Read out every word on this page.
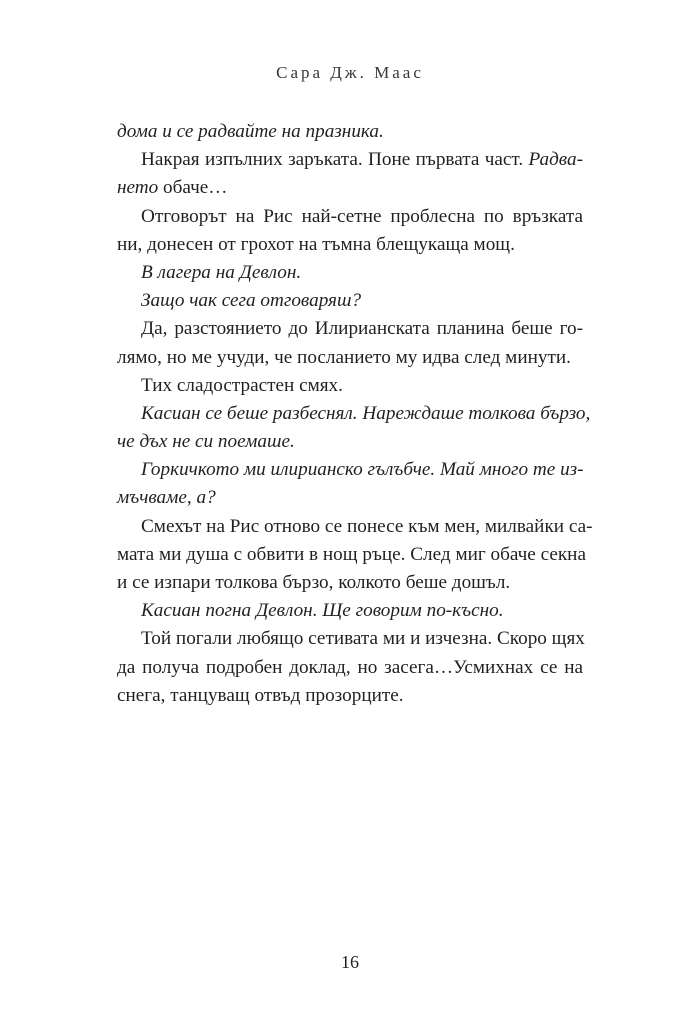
Сара Дж. Маас
дома и се радвайте на празника.
Накрая изпълних заръката. Поне първата част. Радва-
нето обаче…
Отговорът на Рис най-сетне проблесна по връзката
ни, донесен от грохот на тъмна блещукаща мощ.
В лагера на Девлон.
Защо чак сега отговаряш?
Да, разстоянието до Илирианската планина беше го-
лямо, но ме учуди, че посланието му идва след минути.
Тих сладострастен смях.
Касиан се беше разбеснял. Нареждаше толкова бързо,
че дъх не си поемаше.
Горкичкото ми илирианско гълъбче. Май много те из-
мъчваме, а?
Смехът на Рис отново се понесе към мен, милвайки са-
мата ми душа с обвити в нощ ръце. След миг обаче секна
и се изпари толкова бързо, колкото беше дошъл.
Касиан погна Девлон. Ще говорим по-късно.
Той погали любящо сетивата ми и изчезна. Скоро щях
да получа подробен доклад, но засега…Усмихнах се на
снега, танцуващ отвъд прозорците.
16
